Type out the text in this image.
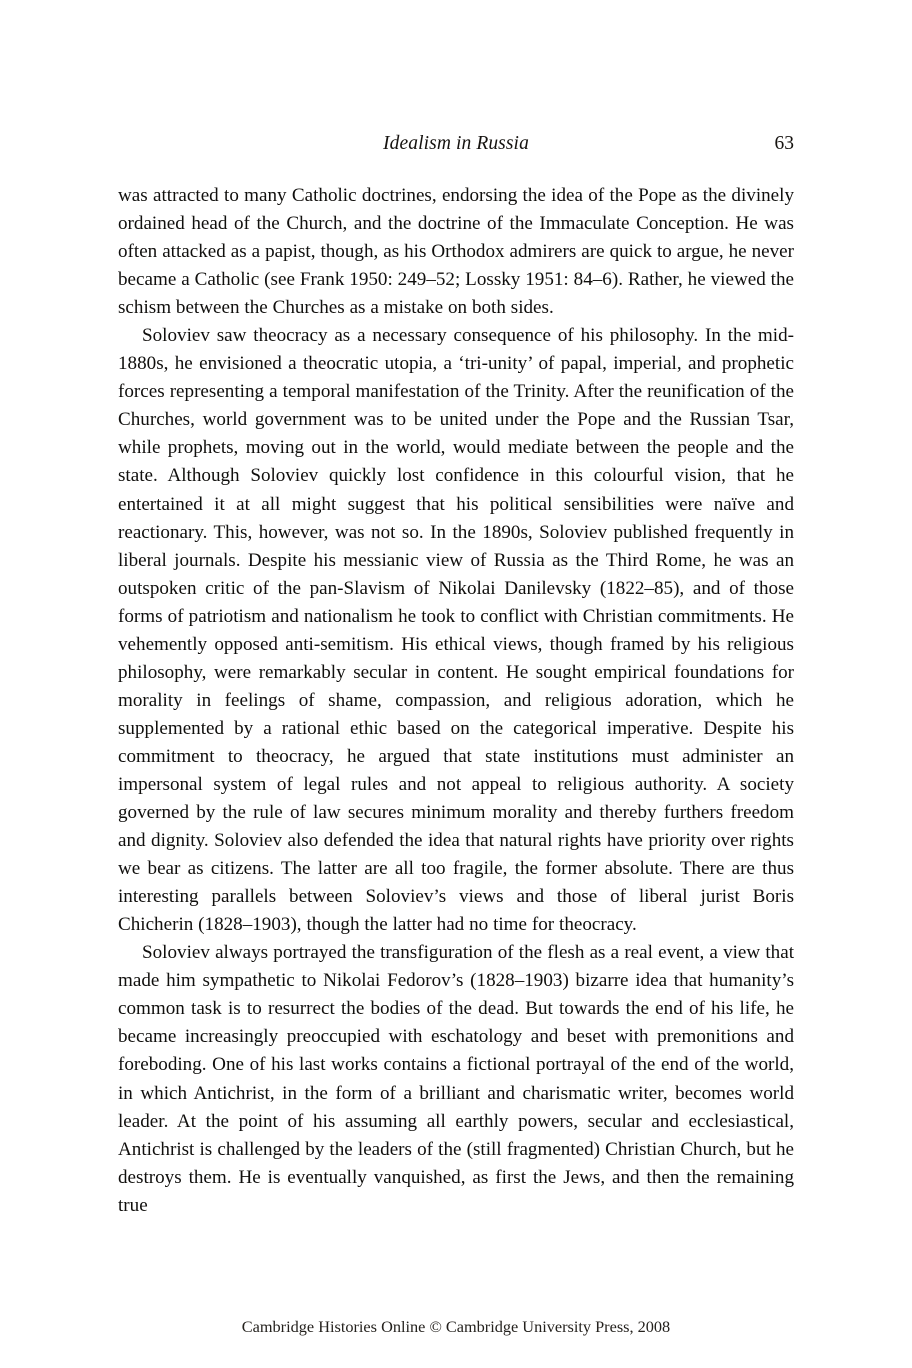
Idealism in Russia	63

was attracted to many Catholic doctrines, endorsing the idea of the Pope as the divinely ordained head of the Church, and the doctrine of the Immaculate Conception. He was often attacked as a papist, though, as his Orthodox admirers are quick to argue, he never became a Catholic (see Frank 1950: 249–52; Lossky 1951: 84–6). Rather, he viewed the schism between the Churches as a mistake on both sides.

Soloviev saw theocracy as a necessary consequence of his philosophy. In the mid-1880s, he envisioned a theocratic utopia, a ‘tri-unity’ of papal, imperial, and prophetic forces representing a temporal manifestation of the Trinity. After the reunification of the Churches, world government was to be united under the Pope and the Russian Tsar, while prophets, moving out in the world, would mediate between the people and the state. Although Soloviev quickly lost confidence in this colourful vision, that he entertained it at all might suggest that his political sensibilities were naïve and reactionary. This, however, was not so. In the 1890s, Soloviev published frequently in liberal journals. Despite his messianic view of Russia as the Third Rome, he was an outspoken critic of the pan-Slavism of Nikolai Danilevsky (1822–85), and of those forms of patriotism and nationalism he took to conflict with Christian commitments. He vehemently opposed anti-semitism. His ethical views, though framed by his religious philosophy, were remarkably secular in content. He sought empirical foundations for morality in feelings of shame, compassion, and religious adoration, which he supplemented by a rational ethic based on the categorical imperative. Despite his commitment to theocracy, he argued that state institutions must administer an impersonal system of legal rules and not appeal to religious authority. A society governed by the rule of law secures minimum morality and thereby furthers freedom and dignity. Soloviev also defended the idea that natural rights have priority over rights we bear as citizens. The latter are all too fragile, the former absolute. There are thus interesting parallels between Soloviev’s views and those of liberal jurist Boris Chicherin (1828–1903), though the latter had no time for theocracy.

Soloviev always portrayed the transfiguration of the flesh as a real event, a view that made him sympathetic to Nikolai Fedorov’s (1828–1903) bizarre idea that humanity’s common task is to resurrect the bodies of the dead. But towards the end of his life, he became increasingly preoccupied with eschatology and beset with premonitions and foreboding. One of his last works contains a fictional portrayal of the end of the world, in which Antichrist, in the form of a brilliant and charismatic writer, becomes world leader. At the point of his assuming all earthly powers, secular and ecclesiastical, Antichrist is challenged by the leaders of the (still fragmented) Christian Church, but he destroys them. He is eventually vanquished, as first the Jews, and then the remaining true

Cambridge Histories Online © Cambridge University Press, 2008
